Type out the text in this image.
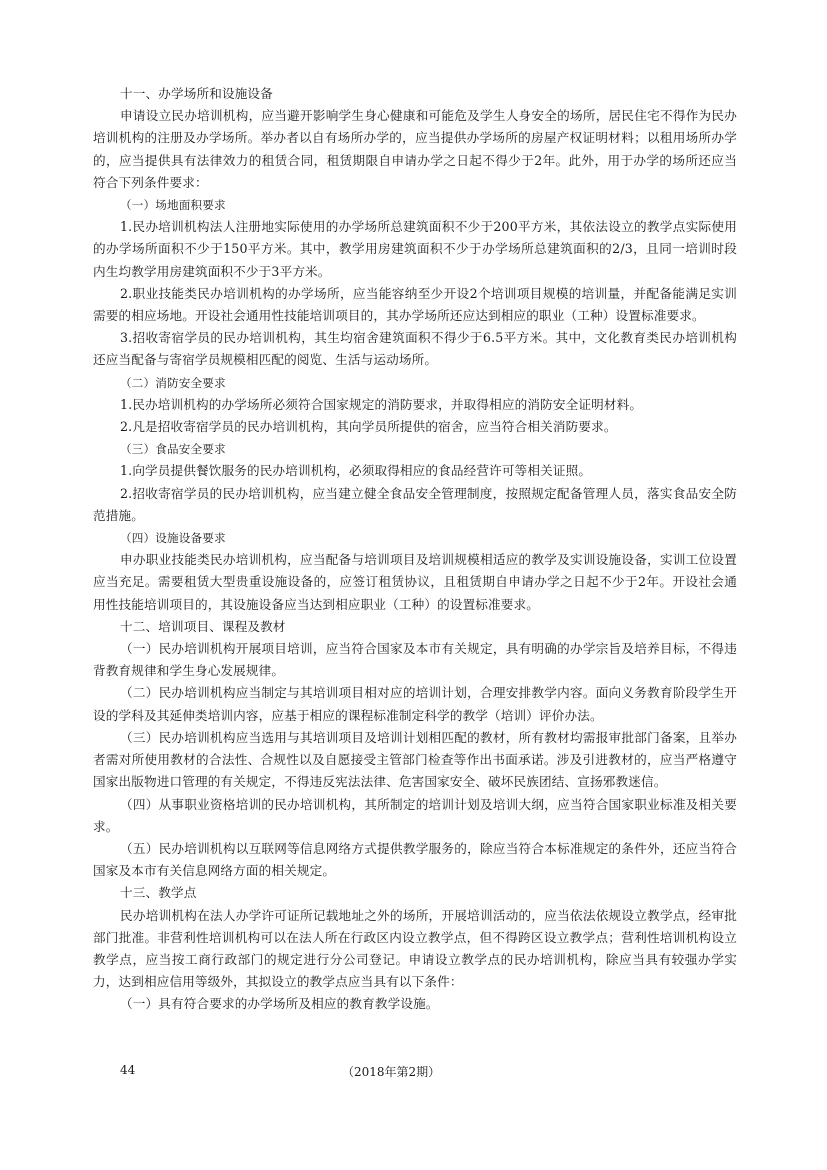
十一、办学场所和设施设备

申请设立民办培训机构，应当避开影响学生身心健康和可能危及学生人身安全的场所，居民住宅不得作为民办培训机构的注册及办学场所。举办者以自有场所办学的，应当提供办学场所的房屋产权证明材料；以租用场所办学的，应当提供具有法律效力的租赁合同，租赁期限自申请办学之日起不得少于2年。此外，用于办学的场所还应当符合下列条件要求：

（一）场地面积要求

1.民办培训机构法人注册地实际使用的办学场所总建筑面积不少于200平方米，其依法设立的教学点实际使用的办学场所面积不少于150平方米。其中，教学用房建筑面积不少于办学场所总建筑面积的2/3，且同一培训时段内生均教学用房建筑面积不少于3平方米。

2.职业技能类民办培训机构的办学场所，应当能容纳至少开设2个培训项目规模的培训量，并配备能满足实训需要的相应场地。开设社会通用性技能培训项目的，其办学场所还应达到相应的职业（工种）设置标准要求。

3.招收寄宿学员的民办培训机构，其生均宿舍建筑面积不得少于6.5平方米。其中，文化教育类民办培训机构还应当配备与寄宿学员规模相匹配的阅览、生活与运动场所。

（二）消防安全要求

1.民办培训机构的办学场所必须符合国家规定的消防要求，并取得相应的消防安全证明材料。

2.凡是招收寄宿学员的民办培训机构，其向学员所提供的宿舍，应当符合相关消防要求。

（三）食品安全要求

1.向学员提供餐饮服务的民办培训机构，必须取得相应的食品经营许可等相关证照。

2.招收寄宿学员的民办培训机构，应当建立健全食品安全管理制度，按照规定配备管理人员，落实食品安全防范措施。

（四）设施设备要求

申办职业技能类民办培训机构，应当配备与培训项目及培训规模相适应的教学及实训设施设备，实训工位设置应当充足。需要租赁大型贵重设施设备的，应签订租赁协议，且租赁期自申请办学之日起不少于2年。开设社会通用性技能培训项目的，其设施设备应当达到相应职业（工种）的设置标准要求。

十二、培训项目、课程及教材

（一）民办培训机构开展项目培训，应当符合国家及本市有关规定，具有明确的办学宗旨及培养目标，不得违背教育规律和学生身心发展规律。

（二）民办培训机构应当制定与其培训项目相对应的培训计划，合理安排教学内容。面向义务教育阶段学生开设的学科及其延伸类培训内容，应基于相应的课程标准制定科学的教学（培训）评价办法。

（三）民办培训机构应当选用与其培训项目及培训计划相匹配的教材，所有教材均需报审批部门备案，且举办者需对所使用教材的合法性、合规性以及自愿接受主管部门检查等作出书面承诺。涉及引进教材的，应当严格遵守国家出版物进口管理的有关规定，不得违反宪法法律、危害国家安全、破坏民族团结、宣扬邪教迷信。

（四）从事职业资格培训的民办培训机构，其所制定的培训计划及培训大纲，应当符合国家职业标准及相关要求。

（五）民办培训机构以互联网等信息网络方式提供教学服务的，除应当符合本标准规定的条件外，还应当符合国家及本市有关信息网络方面的相关规定。

十三、教学点

民办培训机构在法人办学许可证所记载地址之外的场所，开展培训活动的，应当依法依规设立教学点，经审批部门批准。非营利性培训机构可以在法人所在行政区内设立教学点，但不得跨区设立教学点；营利性培训机构设立教学点，应当按工商行政部门的规定进行分公司登记。申请设立教学点的民办培训机构，除应当具有较强办学实力，达到相应信用等级外，其拟设立的教学点应当具有以下条件：

（一）具有符合要求的办学场所及相应的教育教学设施。

44	（2018年第2期）
